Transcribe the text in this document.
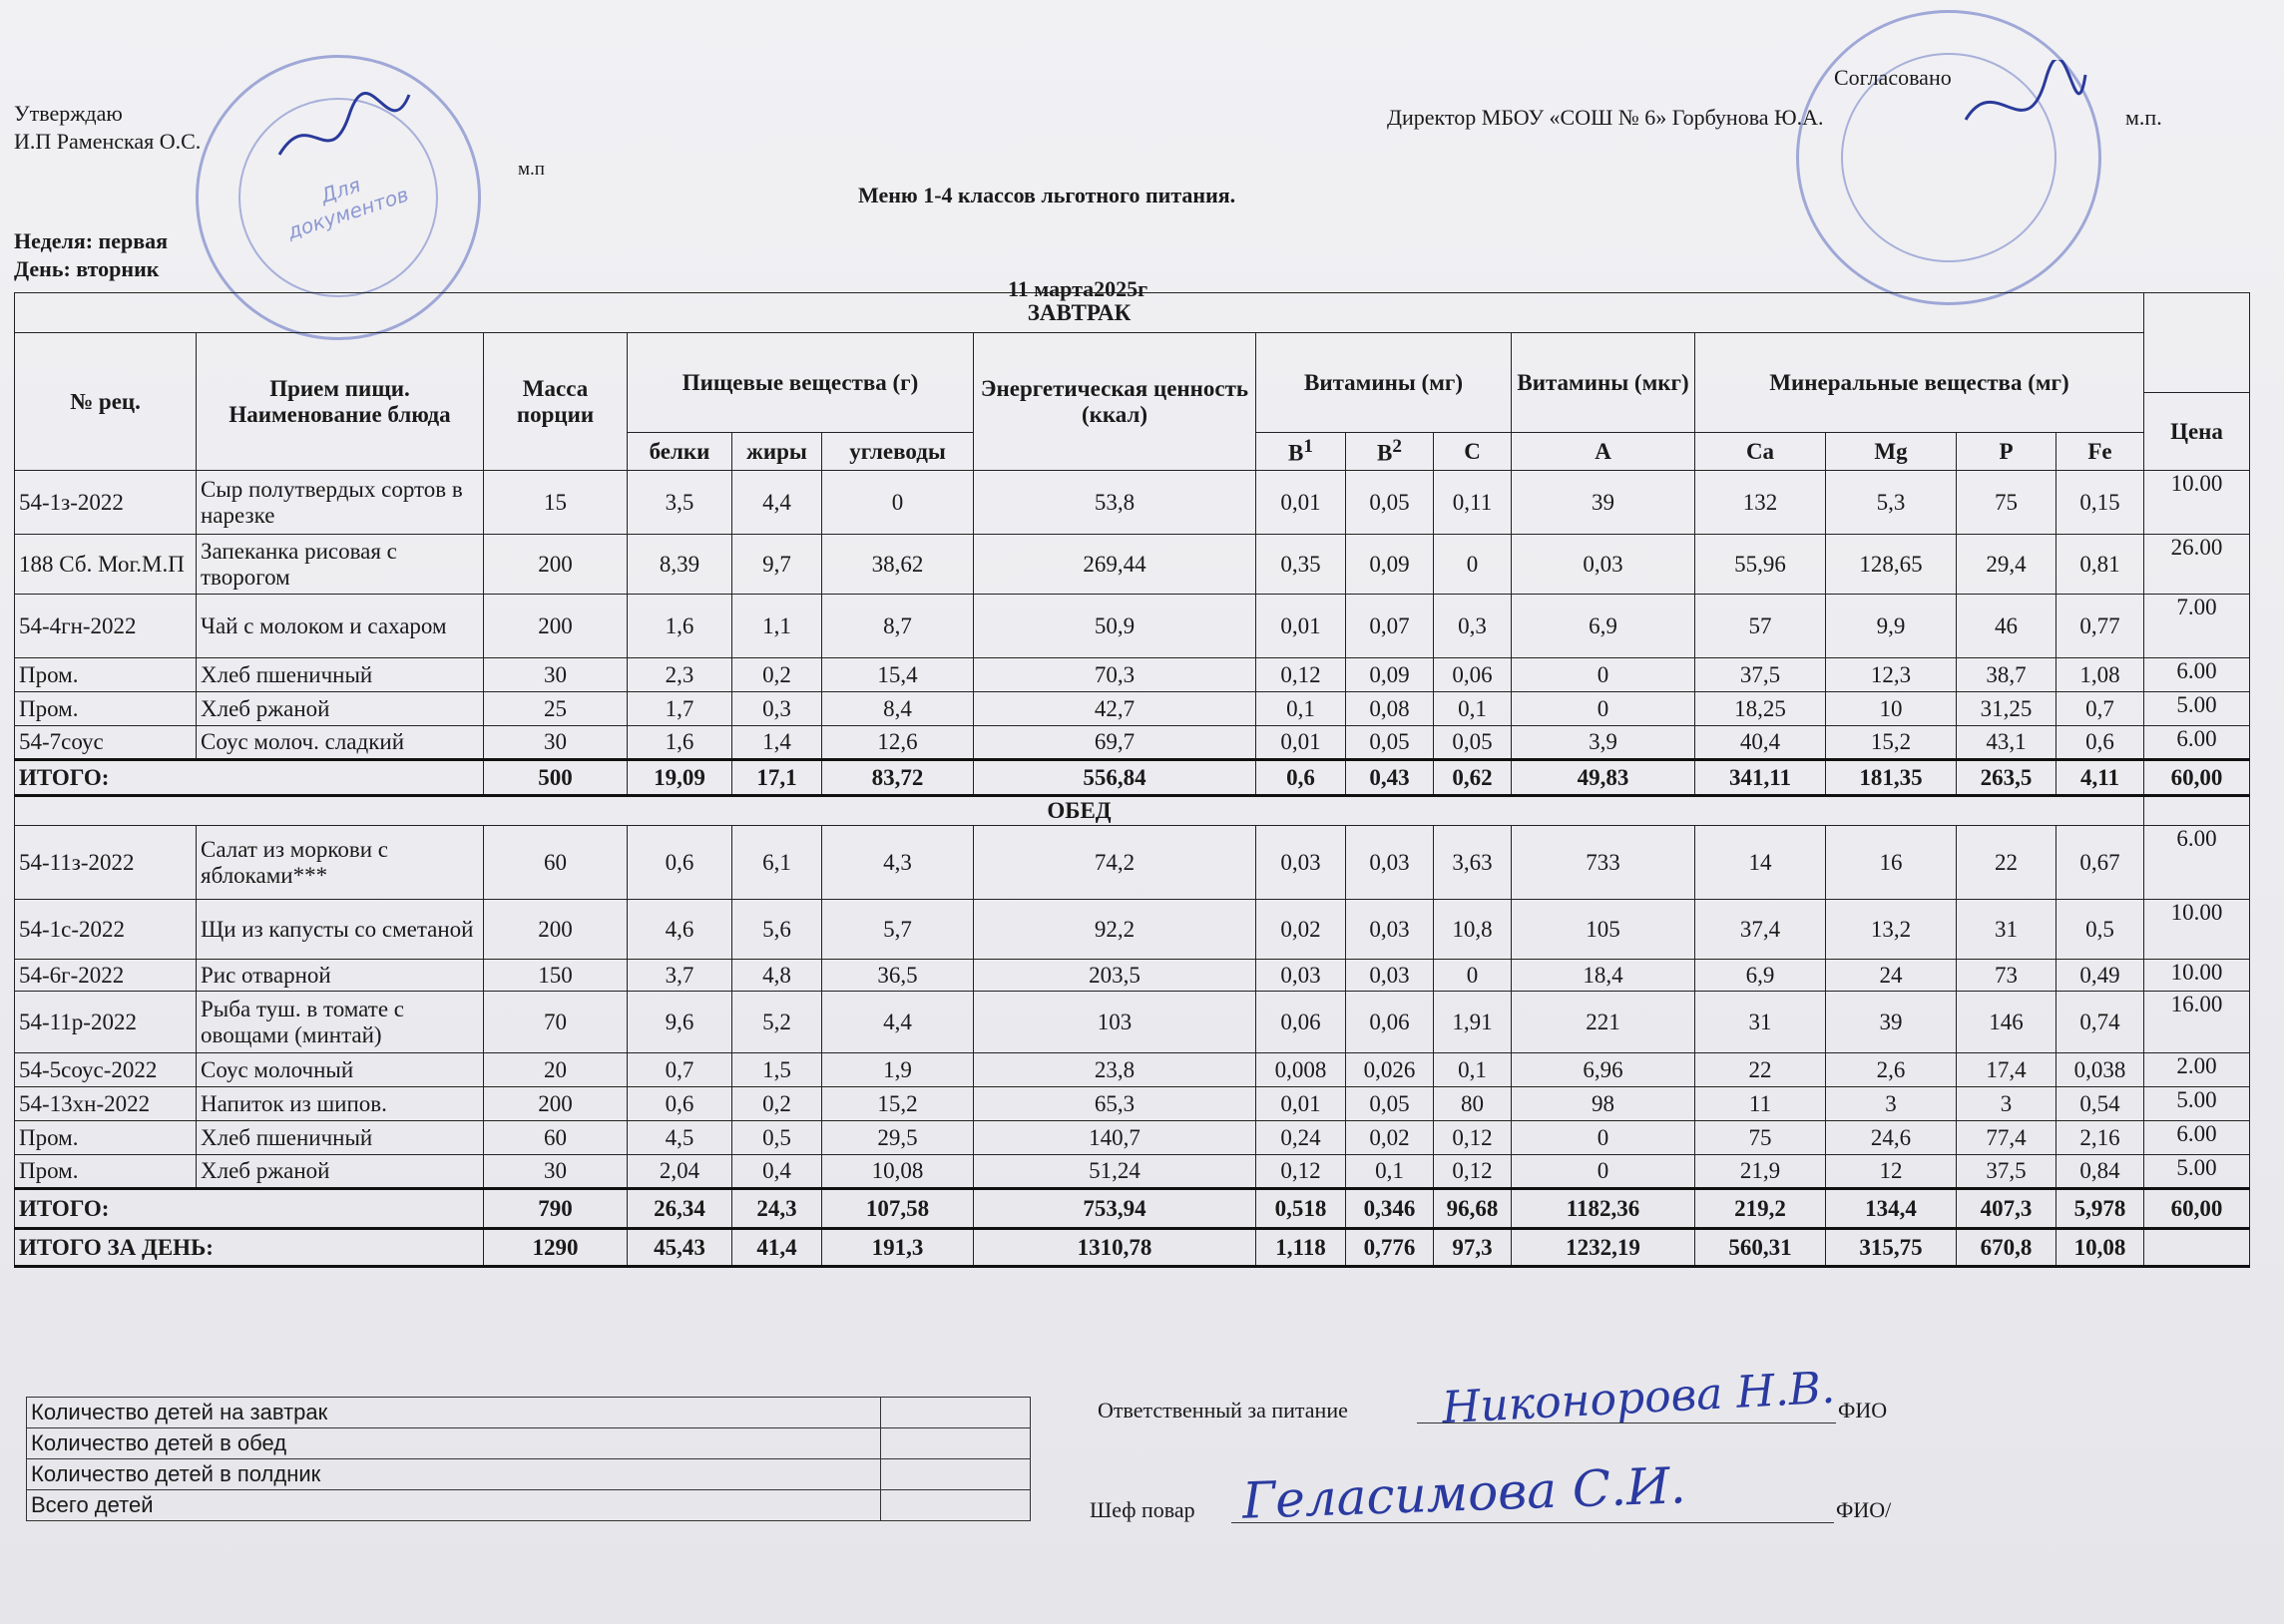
Для документов
Утверждаю
И.П Раменская О.С.
м.п
Согласовано
Директор МБОУ «СОШ № 6» Горбунова Ю.А.	м.п.
Меню 1-4 классов льготного питания.
Неделя: первая
День: вторник
11 марта2025г
ЗАВТРАК															
№ рец.	Прием пищи. Наименование блюда	Масса порции	Пищевые вещества (г)			Энергетическая ценность (ккал)	Витамины (мг)			Витамины (мкг)	Минеральные вещества (мг)				
															Цена
			белки	жиры	углеводы		$B^1$	$B^2$	C	A	Ca	Mg	P	Fe	
54-1з-2022	Сыр полутвердых сортов в нарезке	15	3,5	4,4	0	53,8	0,01	0,05	0,11	39	132	5,3	75	0,15	10.00
188 Сб. Мог.М.П	Запеканка рисовая с творогом	200	8,39	9,7	38,62	269,44	0,35	0,09	0	0,03	55,96	128,65	29,4	0,81	26.00
54-4гн-2022	Чай с молоком и сахаром	200	1,6	1,1	8,7	50,9	0,01	0,07	0,3	6,9	57	9,9	46	0,77	7.00
Пром.	Хлеб пшеничный	30	2,3	0,2	15,4	70,3	0,12	0,09	0,06	0	37,5	12,3	38,7	1,08	6.00
Пром.	Хлеб ржаной	25	1,7	0,3	8,4	42,7	0,1	0,08	0,1	0	18,25	10	31,25	0,7	5.00
54-7соус	Соус молоч. сладкий	30	1,6	1,4	12,6	69,7	0,01	0,05	0,05	3,9	40,4	15,2	43,1	0,6	6.00
ИТОГО:		500	19,09	17,1	83,72	556,84	0,6	0,43	0,62	49,83	341,11	181,35	263,5	4,11	60,00
ОБЕД															
54-11з-2022	Салат из моркови с яблоками***	60	0,6	6,1	4,3	74,2	0,03	0,03	3,63	733	14	16	22	0,67	6.00
54-1с-2022	Щи из капусты со сметаной	200	4,6	5,6	5,7	92,2	0,02	0,03	10,8	105	37,4	13,2	31	0,5	10.00
54-6г-2022	Рис отварной	150	3,7	4,8	36,5	203,5	0,03	0,03	0	18,4	6,9	24	73	0,49	10.00
54-11р-2022	Рыба туш. в томате с овощами (минтай)	70	9,6	5,2	4,4	103	0,06	0,06	1,91	221	31	39	146	0,74	16.00
54-5соус-2022	Соус молочный	20	0,7	1,5	1,9	23,8	0,008	0,026	0,1	6,96	22	2,6	17,4	0,038	2.00
54-13хн-2022	Напиток из шипов.	200	0,6	0,2	15,2	65,3	0,01	0,05	80	98	11	3	3	0,54	5.00
Пром.	Хлеб пшеничный	60	4,5	0,5	29,5	140,7	0,24	0,02	0,12	0	75	24,6	77,4	2,16	6.00
Пром.	Хлеб ржаной	30	2,04	0,4	10,08	51,24	0,12	0,1	0,12	0	21,9	12	37,5	0,84	5.00
ИТОГО:		790	26,34	24,3	107,58	753,94	0,518	0,346	96,68	1182,36	219,2	134,4	407,3	5,978	60,00
ИТОГО ЗА ДЕНЬ:		1290	45,43	41,4	191,3	1310,78	1,118	0,776	97,3	1232,19	560,31	315,75	670,8	10,08	
Количество детей на завтрак	
Количество детей в обед	
Количество детей в полдник	
Всего детей	
Ответственный за питание Никонорова Н.В. ФИО
Шеф повар Геласимова С.И.	ФИО/
